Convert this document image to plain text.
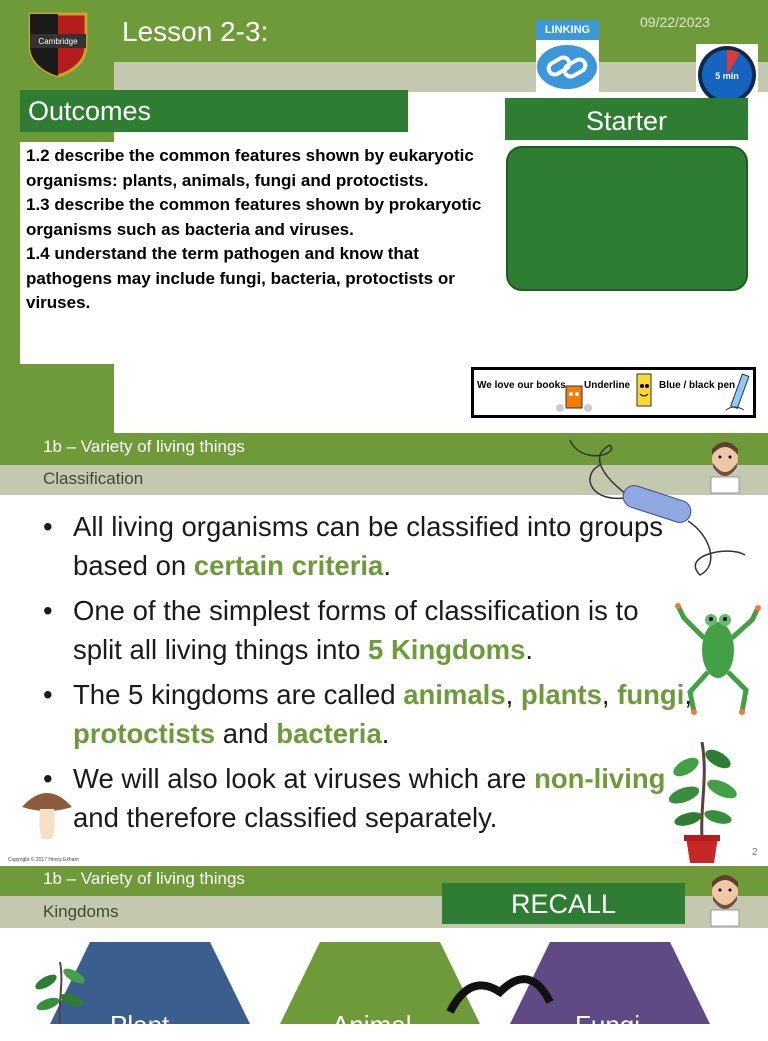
Cambridge Lesson 2-3:	09/22/2023
LINKING
5 min
Outcomes
1.2 describe the common features shown by eukaryotic organisms: plants, animals, fungi and protoctists.
1.3 describe the common features shown by prokaryotic organisms such as bacteria and viruses.
1.4 understand the term pathogen and know that pathogens may include fungi, bacteria, protoctists or viruses.
Starter
We love our books Underline	Blue / black pen
1b – Variety of living things
Classification
• All living organisms can be classified into groups based on certain criteria.
• One of the simplest forms of classification is to split all living things into 5 Kingdoms.
• The 5 kingdoms are called animals, plants, fungi, protoctists and bacteria.
• We will also look at viruses which are non-living and therefore classified separately.
Copyright © 2017 Henry Exham
2
1b – Variety of living things
Kingdoms	RECALL
Plant	Animal	Fungi
